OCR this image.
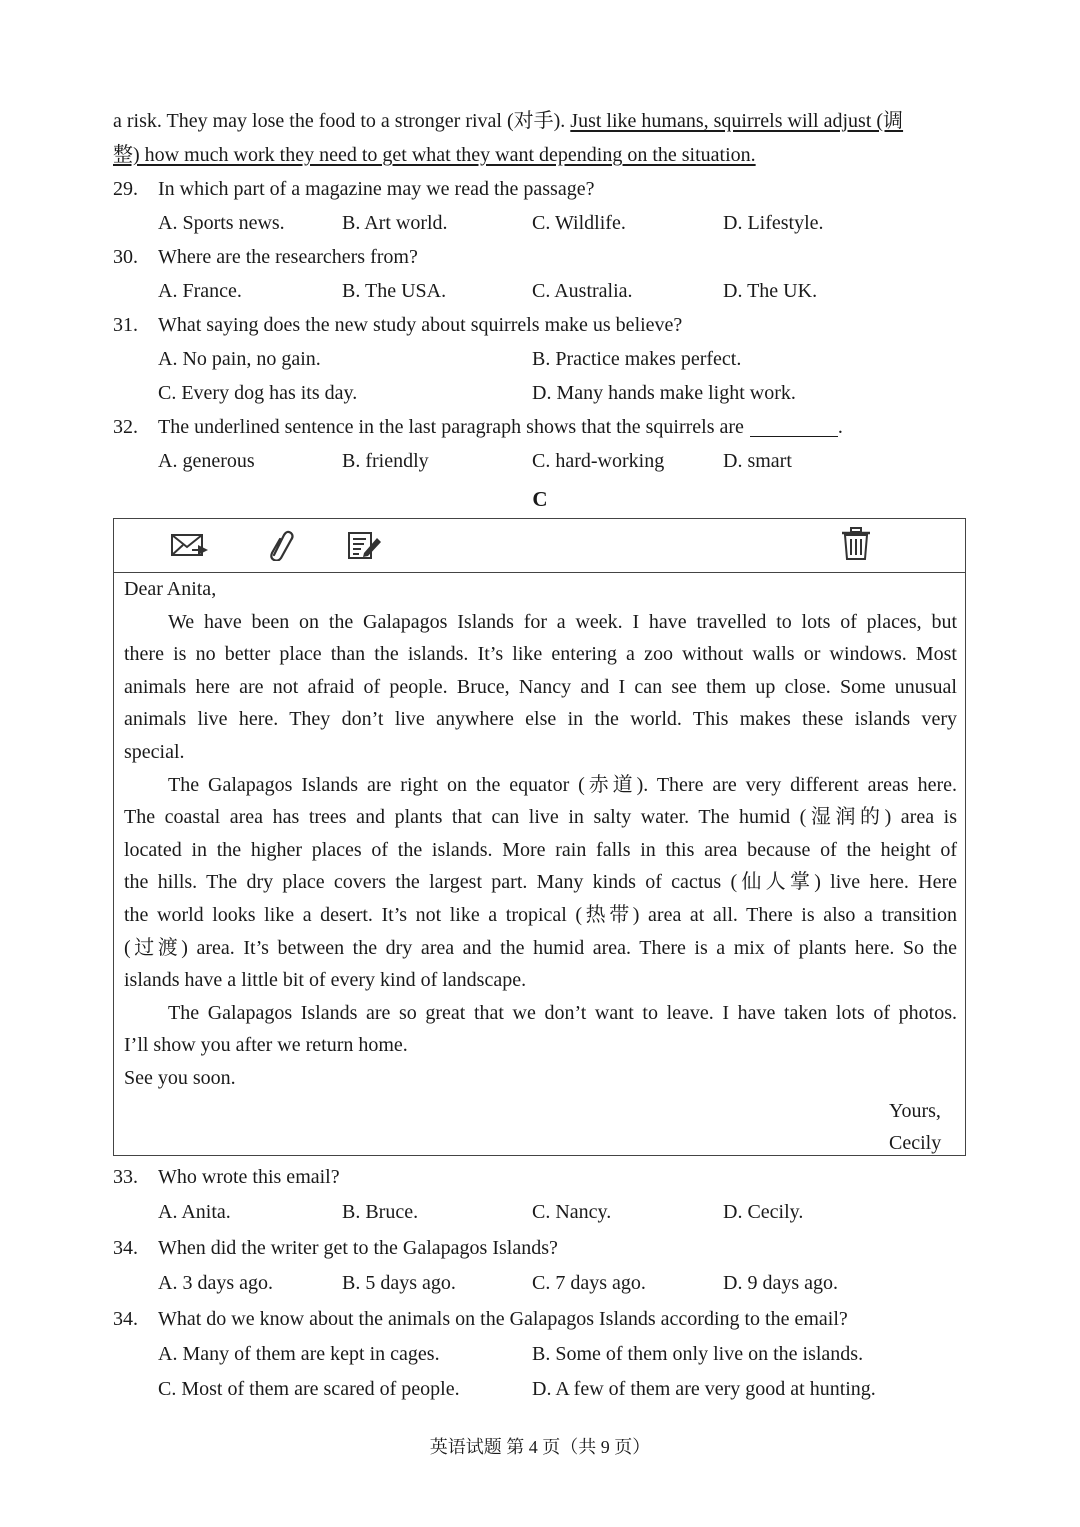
a risk. They may lose the food to a stronger rival (对手). Just like humans, squirrels will adjust (调
整) how much work they need to get what they want depending on the situation.
29. In which part of a magazine may we read the passage?
A. Sports news.	B. Art world.	C. Wildlife.	D. Lifestyle.
30. Where are the researchers from?
A. France.	B. The USA.	C. Australia.	D. The UK.
31. What saying does the new study about squirrels make us believe?
A. No pain, no gain.	B. Practice makes perfect.
C. Every dog has its day.	D. Many hands make light work.
32. The underlined sentence in the last paragraph shows that the squirrels are	.
A. generous	B. friendly	C. hard-working	D. smart
C
Dear Anita,
We have been on the Galapagos Islands for a week. I have travelled to lots of places, but
there is no better place than the islands. It’s like entering a zoo without walls or windows. Most
animals here are not afraid of people. Bruce, Nancy and I can see them up close. Some unusual
animals live here. They don’t live anywhere else in the world. This makes these islands very
special.
The Galapagos Islands are right on the equator (赤道). There are very different areas here.
The coastal area has trees and plants that can live in salty water. The humid (湿润的) area is
located in the higher places of the islands. More rain falls in this area because of the height of
the hills. The dry place covers the largest part. Many kinds of cactus (仙人掌) live here. Here
the world looks like a desert. It’s not like a tropical (热带) area at all. There is also a transition
(过渡) area. It’s between the dry area and the humid area. There is a mix of plants here. So the
islands have a little bit of every kind of landscape.
The Galapagos Islands are so great that we don’t want to leave. I have taken lots of photos.
I’ll show you after we return home.
See you soon.
Yours,
Cecily
33. Who wrote this email?
A. Anita.	B. Bruce.	C. Nancy.	D. Cecily.
34. When did the writer get to the Galapagos Islands?
A. 3 days ago.	B. 5 days ago.	C. 7 days ago.	D. 9 days ago.
34. What do we know about the animals on the Galapagos Islands according to the email?
A. Many of them are kept in cages.	B. Some of them only live on the islands.
C. Most of them are scared of people.	D. A few of them are very good at hunting.
英语试题 第 4 页（共 9 页）
